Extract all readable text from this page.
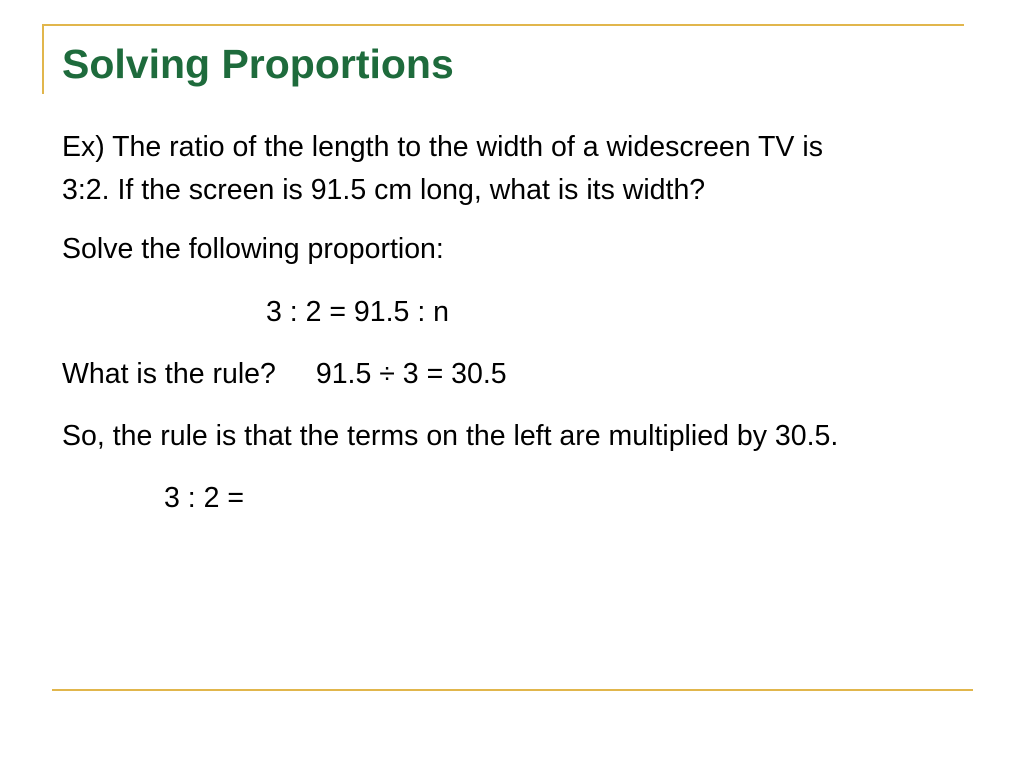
Solving Proportions
Ex) The ratio of the length to the width of a widescreen TV is
3:2. If the screen is 91.5 cm long, what is its width?
Solve the following proportion:
3 : 2 = 91.5 : n
What is the rule? 91.5 ÷ 3 = 30.5
So, the rule is that the terms on the left are multiplied by 30.5.
3 : 2 =
